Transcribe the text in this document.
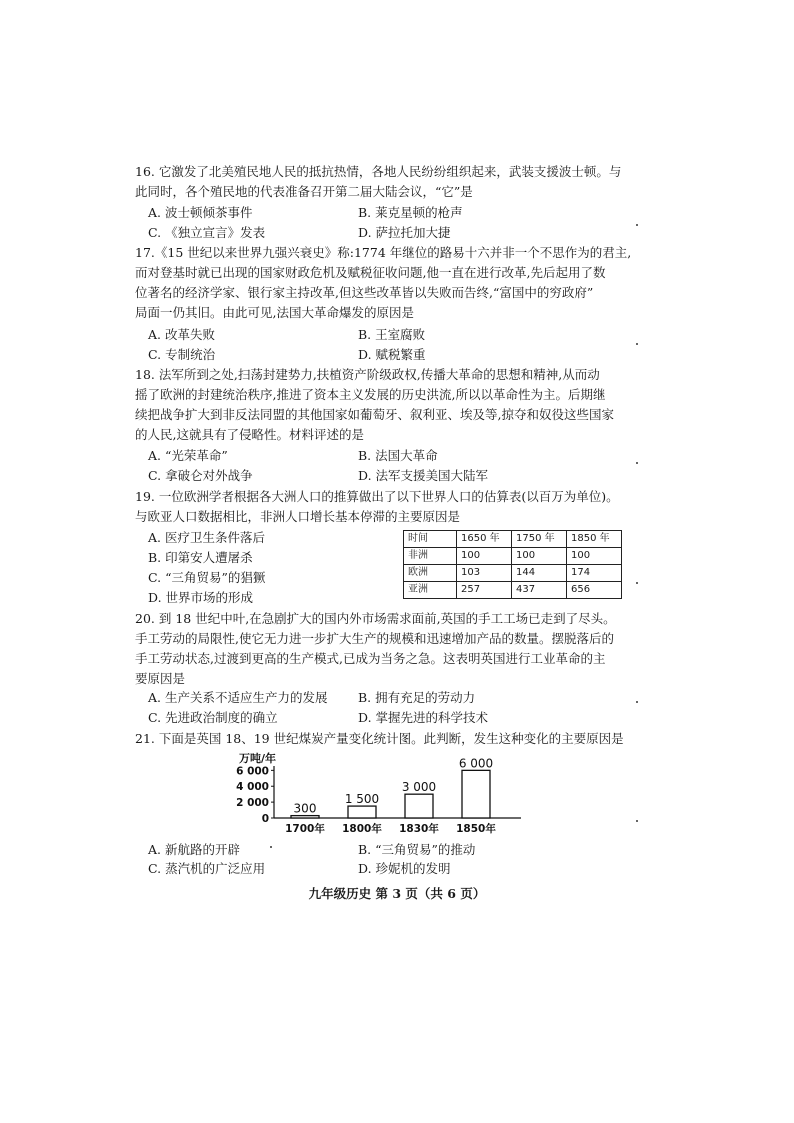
16. 它激发了北美殖民地人民的抵抗热情，各地人民纷纷组织起来，武装支援波士顿。与
此同时，各个殖民地的代表准备召开第二届大陆会议，“它”是
A. 波士顿倾茶事件	B. 莱克星顿的枪声
C. 《独立宣言》发表	D. 萨拉托加大捷
17.《15 世纪以来世界九强兴衰史》称:1774 年继位的路易十六并非一个不思作为的君主,
而对登基时就已出现的国家财政危机及赋税征收问题,他一直在进行改革,先后起用了数
位著名的经济学家、银行家主持改革,但这些改革皆以失败而告终,“富国中的穷政府”
局面一仍其旧。由此可见,法国大革命爆发的原因是
A. 改革失败	B. 王室腐败
C. 专制统治	D. 赋税繁重
18. 法军所到之处,扫荡封建势力,扶植资产阶级政权,传播大革命的思想和精神,从而动
摇了欧洲的封建统治秩序,推进了资本主义发展的历史洪流,所以以革命性为主。后期继
续把战争扩大到非反法同盟的其他国家如葡萄牙、叙利亚、埃及等,掠夺和奴役这些国家
的人民,这就具有了侵略性。材料评述的是
A. “光荣革命”	B. 法国大革命
C. 拿破仑对外战争	D. 法军支援美国大陆军
19. 一位欧洲学者根据各大洲人口的推算做出了以下世界人口的估算表(以百万为单位)。
与欧亚人口数据相比，非洲人口增长基本停滞的主要原因是
A. 医疗卫生条件落后
B. 印第安人遭屠杀
C. “三角贸易”的猖獗
D. 世界市场的形成
时间	1650 年	1750 年	1850 年
非洲	100	100	100
欧洲	103	144	174
亚洲	257	437	656
20. 到 18 世纪中叶,在急剧扩大的国内外市场需求面前,英国的手工工场已走到了尽头。
手工劳动的局限性,使它无力进一步扩大生产的规模和迅速增加产品的数量。摆脱落后的
手工劳动状态,过渡到更高的生产模式,已成为当务之急。这表明英国进行工业革命的主
要原因是
A. 生产关系不适应生产力的发展 B. 拥有充足的劳动力
C. 先进政治制度的确立	D. 掌握先进的科学技术
21. 下面是英国 18、19 世纪煤炭产量变化统计图。此判断，发生这种变化的主要原因是
万吨/年
0
2 000
4 000
6 000
300
1700年
1 500
1800年
3 000
1830年
6 000
1850年
A. 新航路的开辟	B. “三角贸易”的推动
C. 蒸汽机的广泛应用	D. 珍妮机的发明
九年级历史 第 3 页（共 6 页）
